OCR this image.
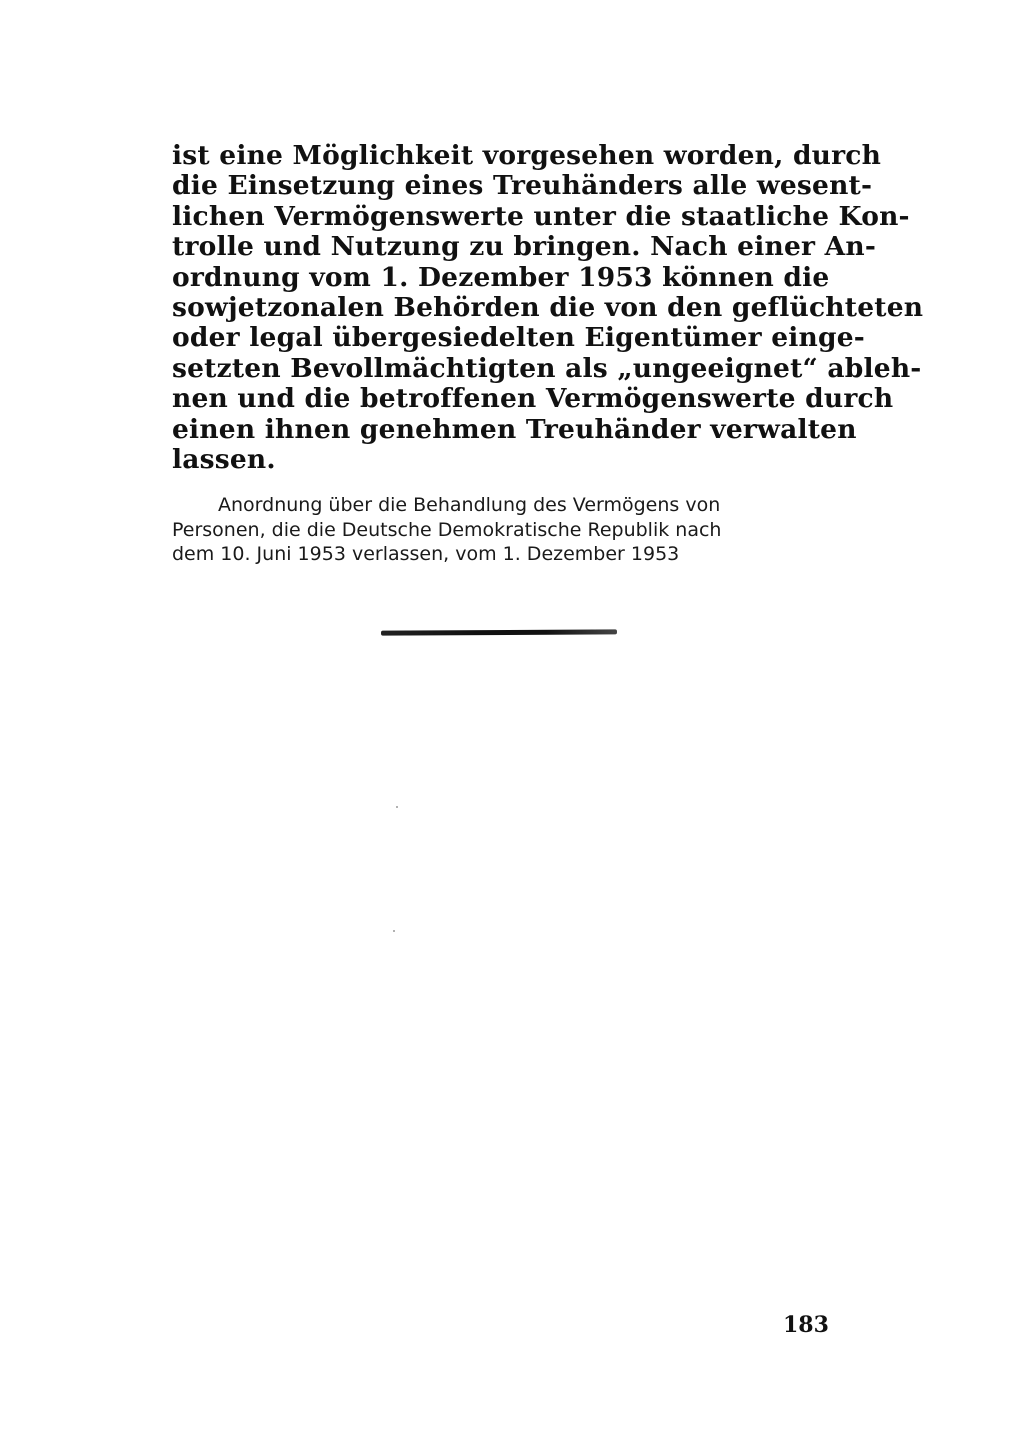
ist eine Möglichkeit vorgesehen worden, durch
die Einsetzung eines Treuhänders alle wesent-
lichen Vermögenswerte unter die staatliche Kon-
trolle und Nutzung zu bringen. Nach einer An-
ordnung vom 1. Dezember 1953 können die
sowjetzonalen Behörden die von den geflüchteten
oder legal übergesiedelten Eigentümer einge-
setzten Bevollmächtigten als „ungeeignet“ ableh-
nen und die betroffenen Vermögenswerte durch
einen ihnen genehmen Treuhänder verwalten
lassen.
Anordnung über die Behandlung des Vermögens von
Personen, die die Deutsche Demokratische Republik nach
dem 10. Juni 1953 verlassen, vom 1. Dezember 1953
183
